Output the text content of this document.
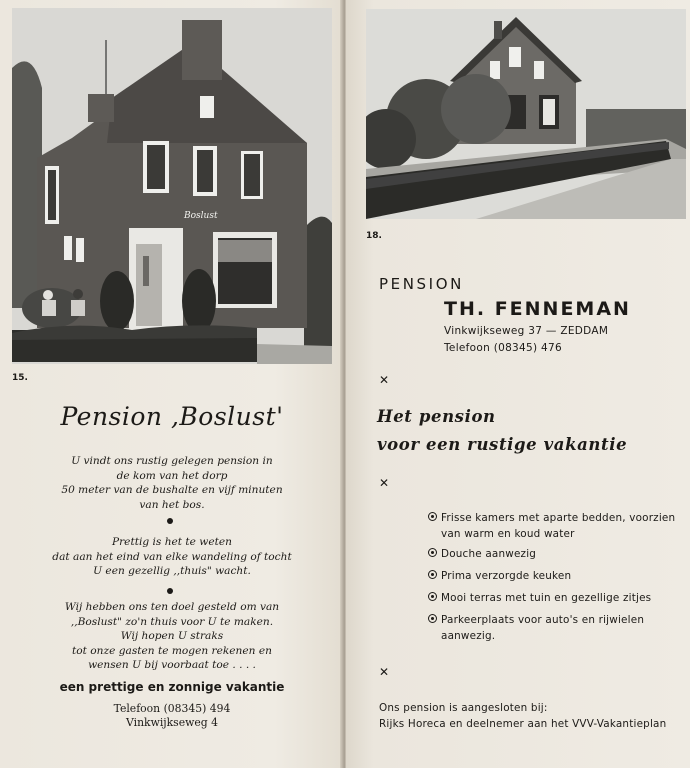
Boslust
15.
Pension ,Boslust'
U vindt ons rustig gelegen pension in
de kom van het dorp
50 meter van de bushalte en vijf minuten
van het bos.
Prettig is het te weten
dat aan het eind van elke wandeling of tocht
U een gezellig ,,thuis" wacht.
Wij hebben ons ten doel gesteld om van
,,Boslust" zo'n thuis voor U te maken.
Wij hopen U straks
tot onze gasten te mogen rekenen en
wensen U bij voorbaat toe . . . .
een prettige en zonnige vakantie
Telefoon (08345) 494
Vinkwijkseweg 4
18.
PENSION
TH. FENNEMAN
Vinkwijkseweg 37 — ZEDDAM
Telefoon (08345) 476
✕
Het pension
voor een rustige vakantie
✕
Frisse kamers met aparte bedden, voorzien van warm en koud water
Douche aanwezig
Prima verzorgde keuken
Mooi terras met tuin en gezellige zitjes
Parkeerplaats voor auto's en rijwielen aanwezig.
✕
Ons pension is aangesloten bij:
Rijks Horeca en deelnemer aan het VVV-Vakantieplan
